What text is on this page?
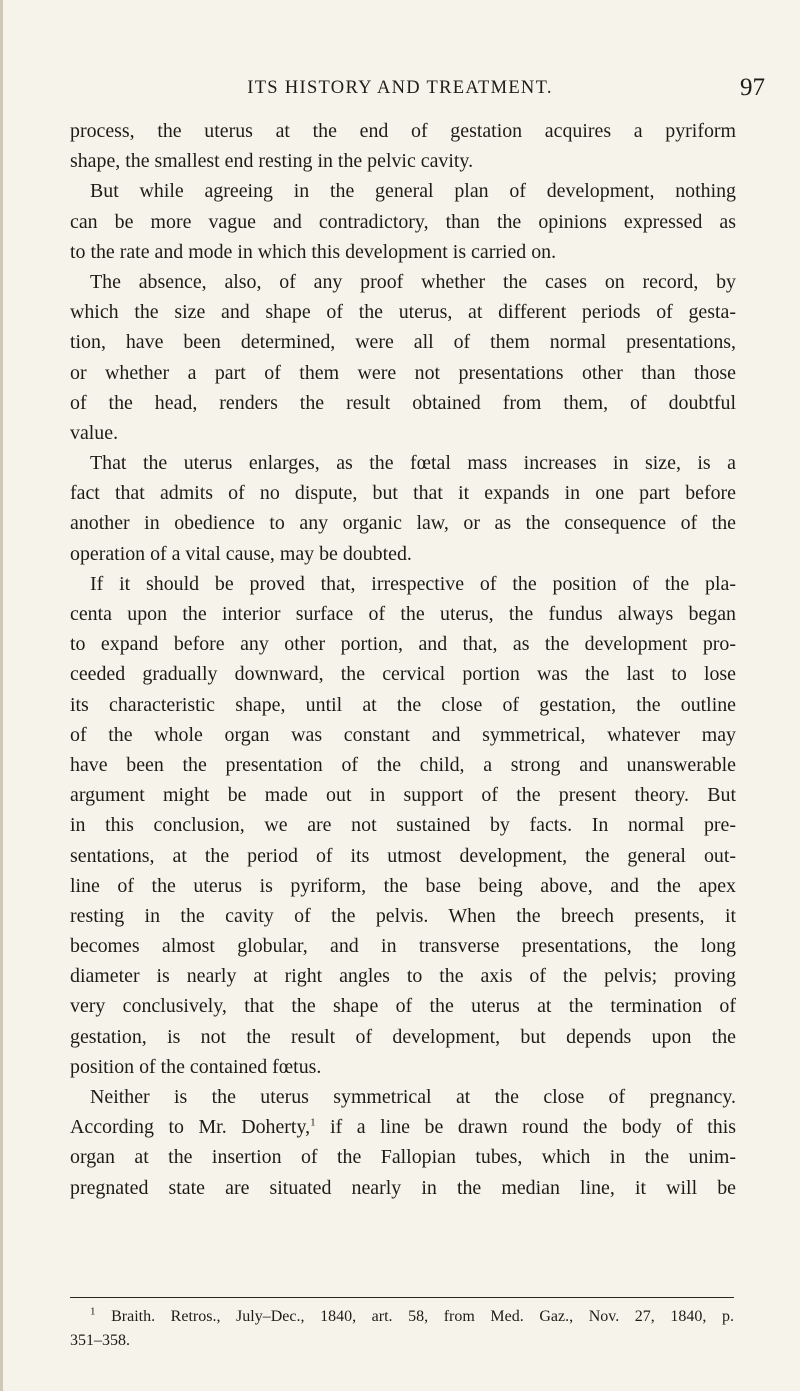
ITS HISTORY AND TREATMENT.	97
process, the uterus at the end of gestation acquires a pyriform
shape, the smallest end resting in the pelvic cavity.
But while agreeing in the general plan of development, nothing
can be more vague and contradictory, than the opinions expressed as
to the rate and mode in which this development is carried on.
The absence, also, of any proof whether the cases on record, by
which the size and shape of the uterus, at different periods of gesta-
tion, have been determined, were all of them normal presentations,
or whether a part of them were not presentations other than those
of the head, renders the result obtained from them, of doubtful
value.
That the uterus enlarges, as the fœtal mass increases in size, is a
fact that admits of no dispute, but that it expands in one part before
another in obedience to any organic law, or as the consequence of the
operation of a vital cause, may be doubted.
If it should be proved that, irrespective of the position of the pla-
centa upon the interior surface of the uterus, the fundus always began
to expand before any other portion, and that, as the development pro-
ceeded gradually downward, the cervical portion was the last to lose
its characteristic shape, until at the close of gestation, the outline
of the whole organ was constant and symmetrical, whatever may
have been the presentation of the child, a strong and unanswerable
argument might be made out in support of the present theory. But
in this conclusion, we are not sustained by facts. In normal pre-
sentations, at the period of its utmost development, the general out-
line of the uterus is pyriform, the base being above, and the apex
resting in the cavity of the pelvis. When the breech presents, it
becomes almost globular, and in transverse presentations, the long
diameter is nearly at right angles to the axis of the pelvis; proving
very conclusively, that the shape of the uterus at the termination of
gestation, is not the result of development, but depends upon the
position of the contained fœtus.
Neither is the uterus symmetrical at the close of pregnancy.
According to Mr. Doherty,$^1$ if a line be drawn round the body of this
organ at the insertion of the Fallopian tubes, which in the unim-
pregnated state are situated nearly in the median line, it will be
$^1$ Braith. Retros., July–Dec., 1840, art. 58, from Med. Gaz., Nov. 27, 1840, p.
351–358.
